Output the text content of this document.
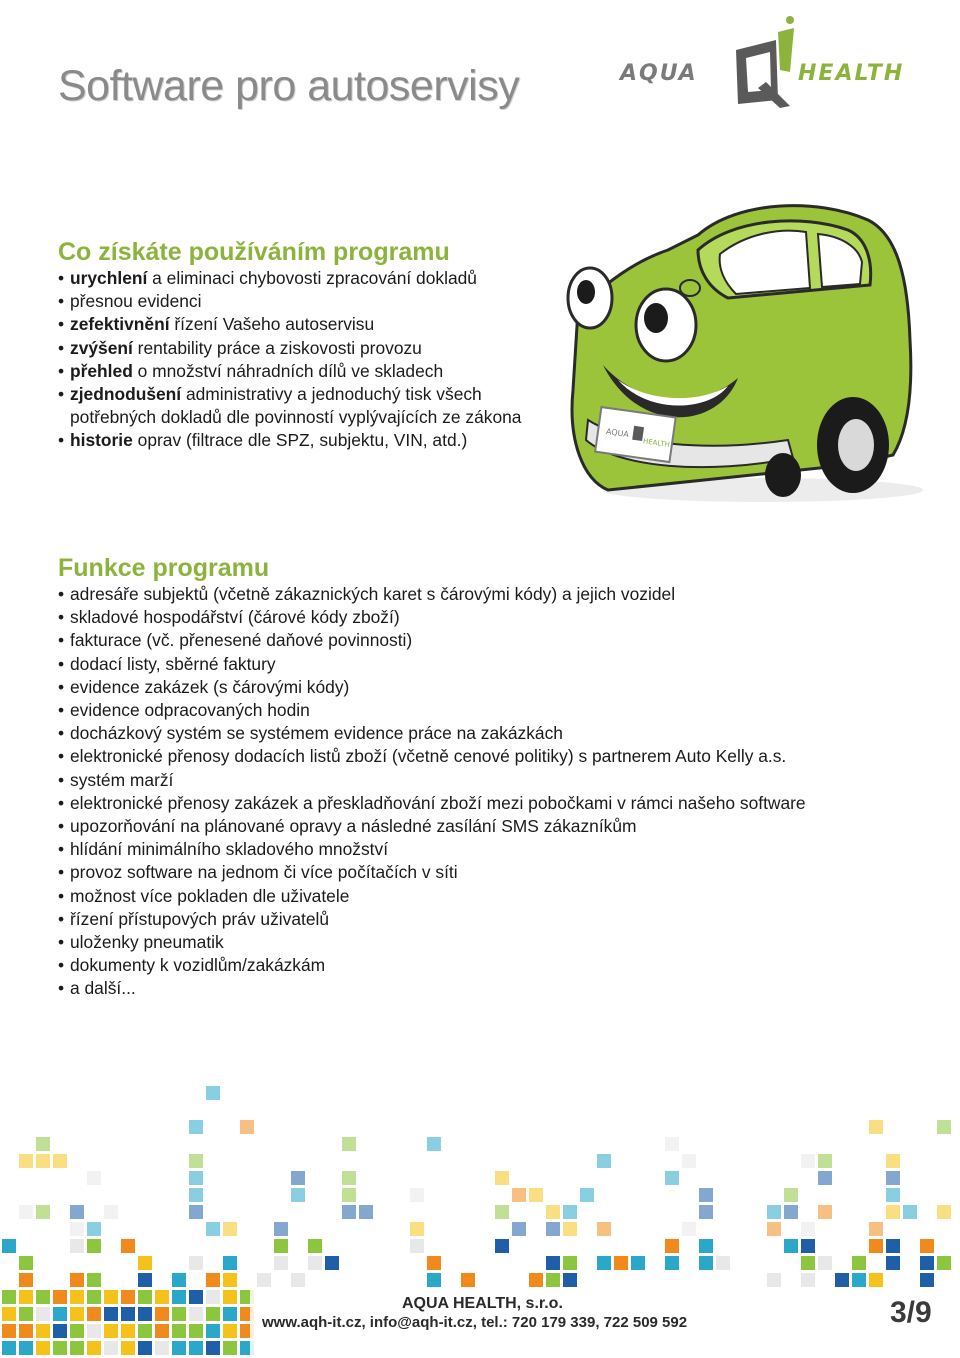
Software pro autoservisy	AQUA	HEALTH
Co získáte používáním programu
• urychlení a eliminaci chybovosti zpracování dokladů
• přesnou evidenci
• zefektivnění řízení Vašeho autoservisu
• zvýšení rentability práce a ziskovosti provozu
• přehled o množství náhradních dílů ve skladech
• zjednodušení administrativy a jednoduchý tisk všech
potřebných dokladů dle povinností vyplývajících ze zákona
• historie oprav (filtrace dle SPZ, subjektu, VIN, atd.)	AQUA
HEALTH
Funkce programu
• adresáře subjektů (včetně zákaznických karet s čárovými kódy) a jejich vozidel
• skladové hospodářství (čárové kódy zboží)
• fakturace (vč. přenesené daňové povinnosti)
• dodací listy, sběrné faktury
• evidence zakázek (s čárovými kódy)
• evidence odpracovaných hodin
• docházkový systém se systémem evidence práce na zakázkách
• elektronické přenosy dodacích listů zboží (včetně cenové politiky) s partnerem Auto Kelly a.s.
• systém marží
• elektronické přenosy zakázek a přeskladňování zboží mezi pobočkami v rámci našeho software
• upozorňování na plánované opravy a následné zasílání SMS zákazníkům
• hlídání minimálního skladového množství
• provoz software na jednom či více počítačích v síti
• možnost více pokladen dle uživatele
• řízení přístupových práv uživatelů
• uloženky pneumatik
• dokumenty k vozidlům/zakázkám
• a další...
AQUA HEALTH, s.r.o.
www.aqh-it.cz, info@aqh-it.cz, tel.: 720 179 339, 722 509 592	3/9
